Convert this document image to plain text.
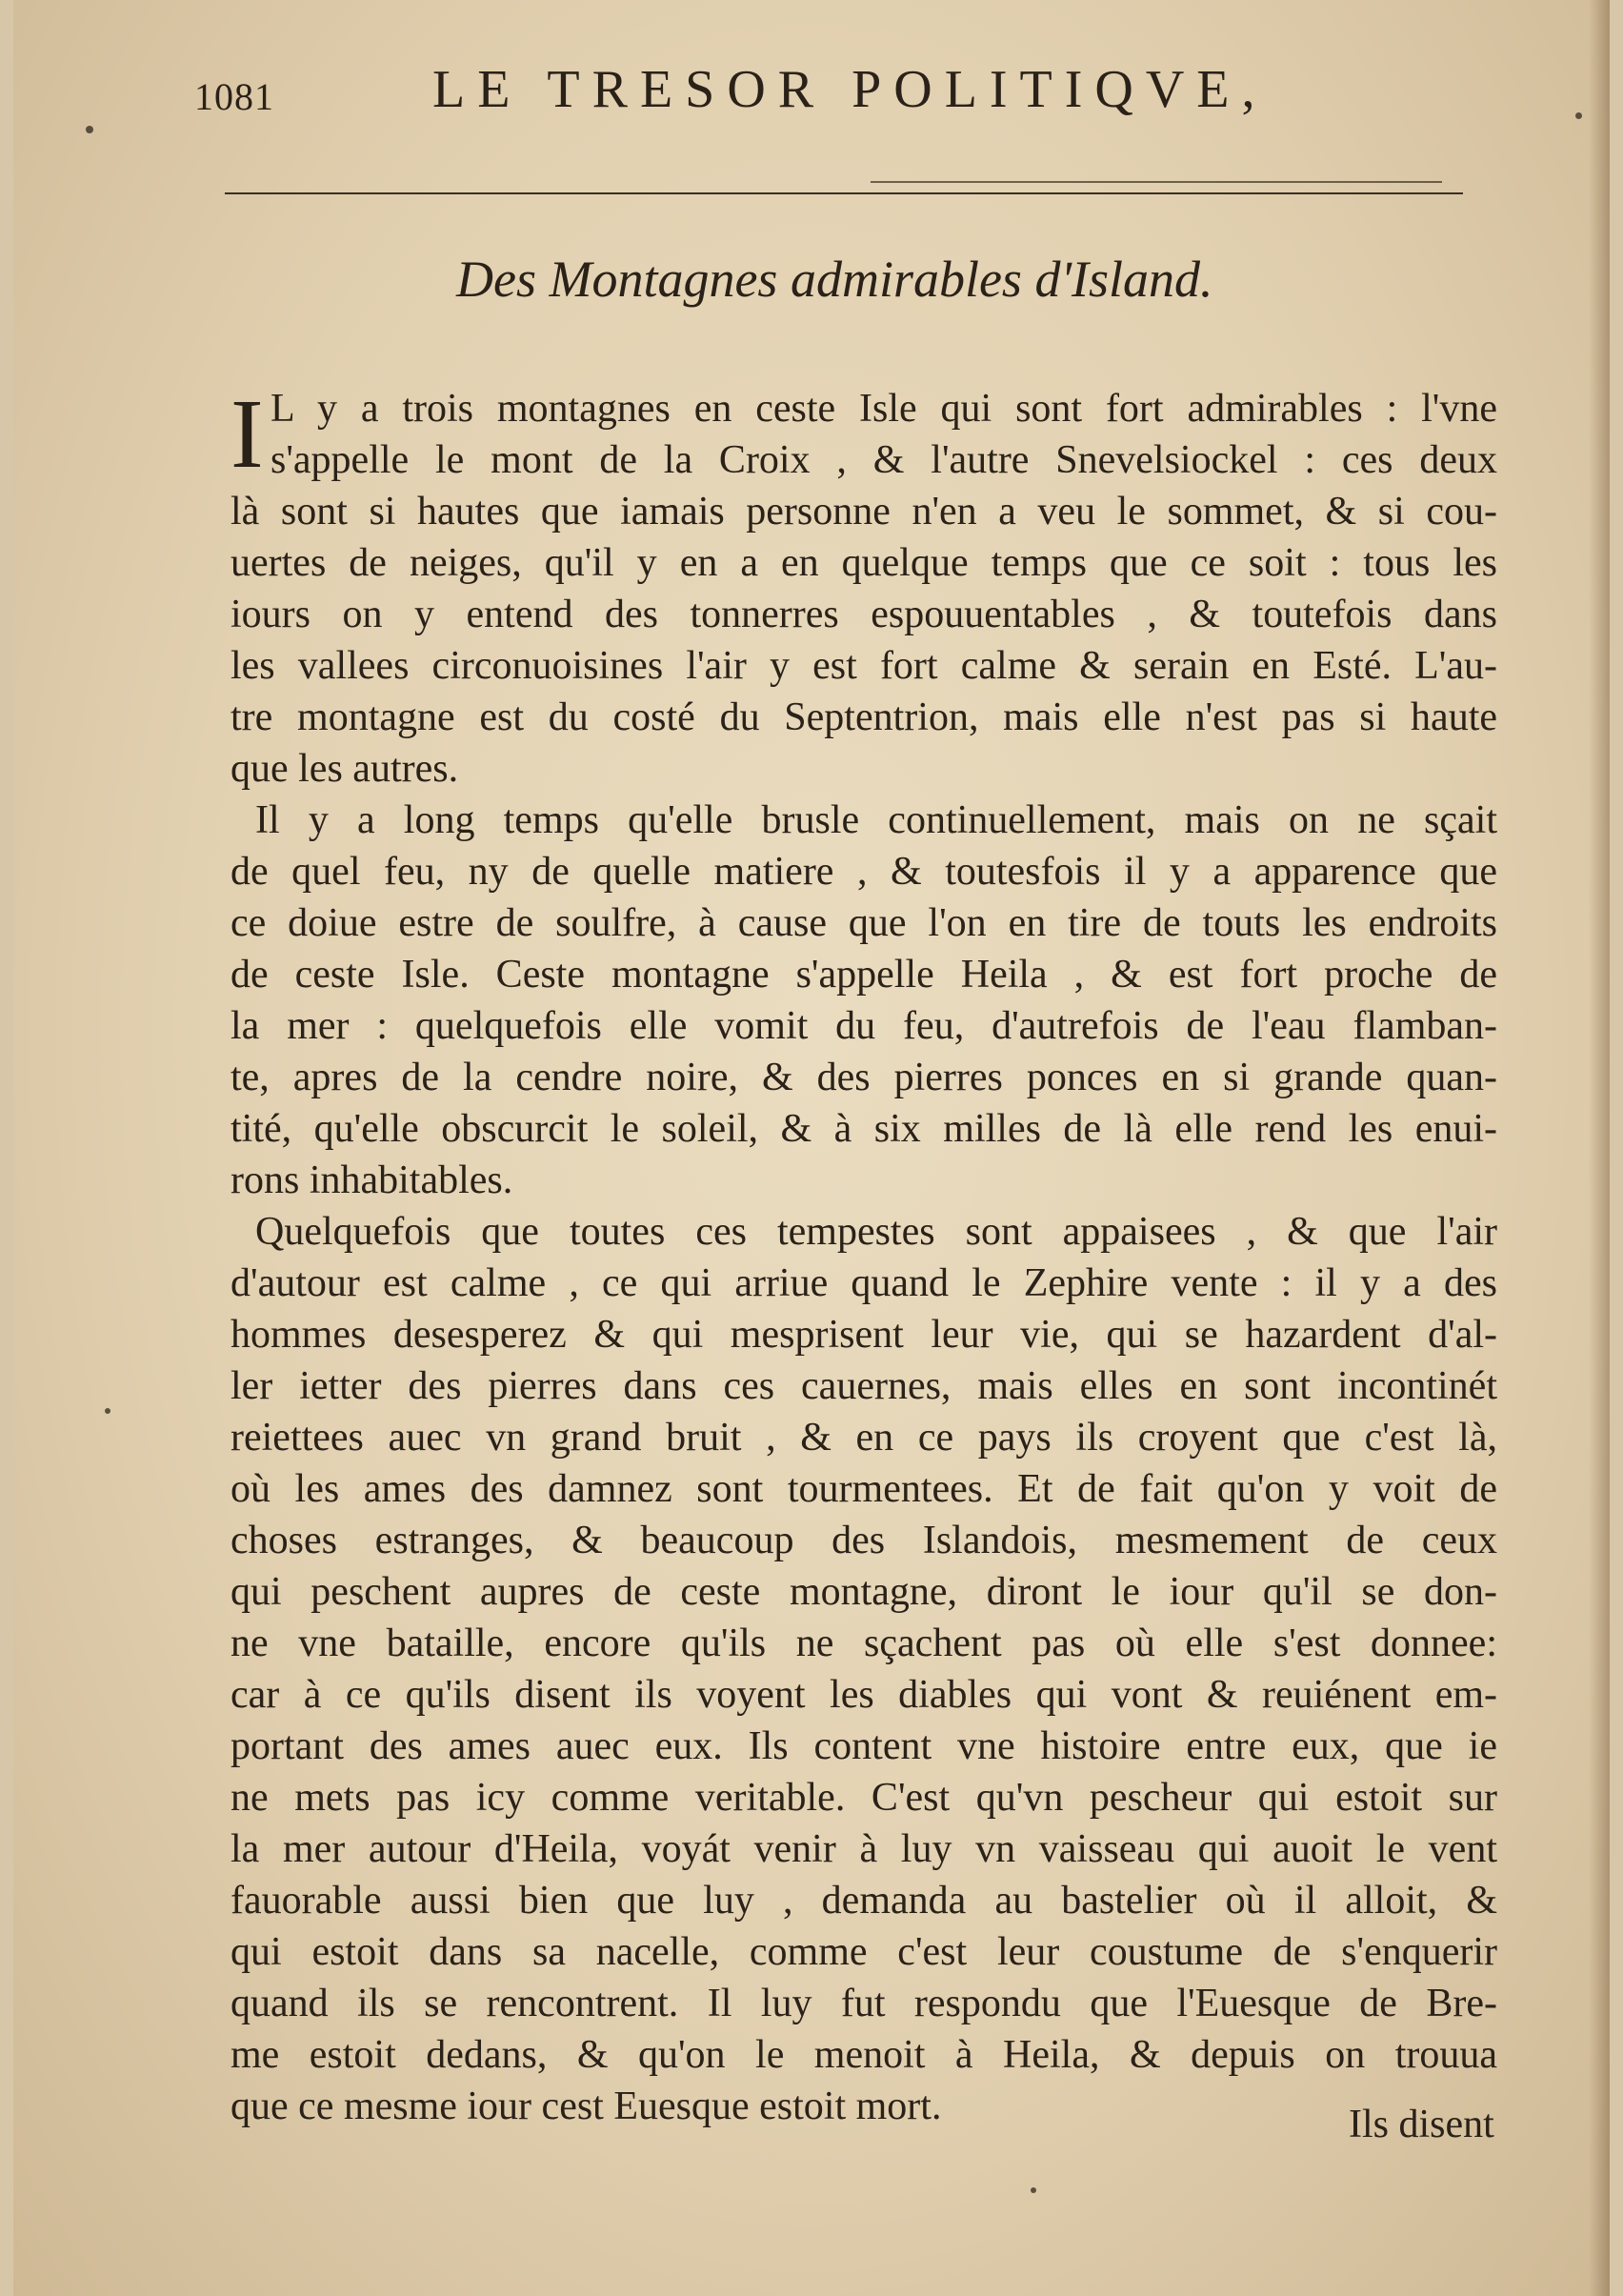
1081	LE TRESOR POLITIQVE,
Des Montagnes admirables d'Island.
I L y a trois montagnes en ceste Isle qui sont fort admirables : l'vne
s'appelle le mont de la Croix , & l'autre Snevelsiockel : ces deux
là sont si hautes que iamais personne n'en a veu le sommet, & si cou-
uertes de neiges, qu'il y en a en quelque temps que ce soit : tous les
iours on y entend des tonnerres espouuentables , & toutefois dans
les vallees circonuoisines l'air y est fort calme & serain en Esté. L'au-
tre montagne est du costé du Septentrion, mais elle n'est pas si haute
que les autres.
Il y a long temps qu'elle brusle continuellement, mais on ne sçait
de quel feu, ny de quelle matiere , & toutesfois il y a apparence que
ce doiue estre de soulfre, à cause que l'on en tire de touts les endroits
de ceste Isle. Ceste montagne s'appelle Heila , & est fort proche de
la mer : quelquefois elle vomit du feu, d'autrefois de l'eau flamban-
te, apres de la cendre noire, & des pierres ponces en si grande quan-
tité, qu'elle obscurcit le soleil, & à six milles de là elle rend les enui-
rons inhabitables.
Quelquefois que toutes ces tempestes sont appaisees , & que l'air
d'autour est calme , ce qui arriue quand le Zephire vente : il y a des
hommes desesperez & qui mesprisent leur vie, qui se hazardent d'al-
ler ietter des pierres dans ces cauernes, mais elles en sont incontinét
reiettees auec vn grand bruit , & en ce pays ils croyent que c'est là,
où les ames des damnez sont tourmentees. Et de fait qu'on y voit de
choses estranges, & beaucoup des Islandois, mesmement de ceux
qui peschent aupres de ceste montagne, diront le iour qu'il se don-
ne vne bataille, encore qu'ils ne sçachent pas où elle s'est donnee:
car à ce qu'ils disent ils voyent les diables qui vont & reuiénent em-
portant des ames auec eux. Ils content vne histoire entre eux, que ie
ne mets pas icy comme veritable. C'est qu'vn pescheur qui estoit sur
la mer autour d'Heila, voyát venir à luy vn vaisseau qui auoit le vent
fauorable aussi bien que luy , demanda au bastelier où il alloit, &
qui estoit dans sa nacelle, comme c'est leur coustume de s'enquerir
quand ils se rencontrent. Il luy fut respondu que l'Euesque de Bre-
me estoit dedans, & qu'on le menoit à Heila, & depuis on trouua
que ce mesme iour cest Euesque estoit mort.	Ils disent
